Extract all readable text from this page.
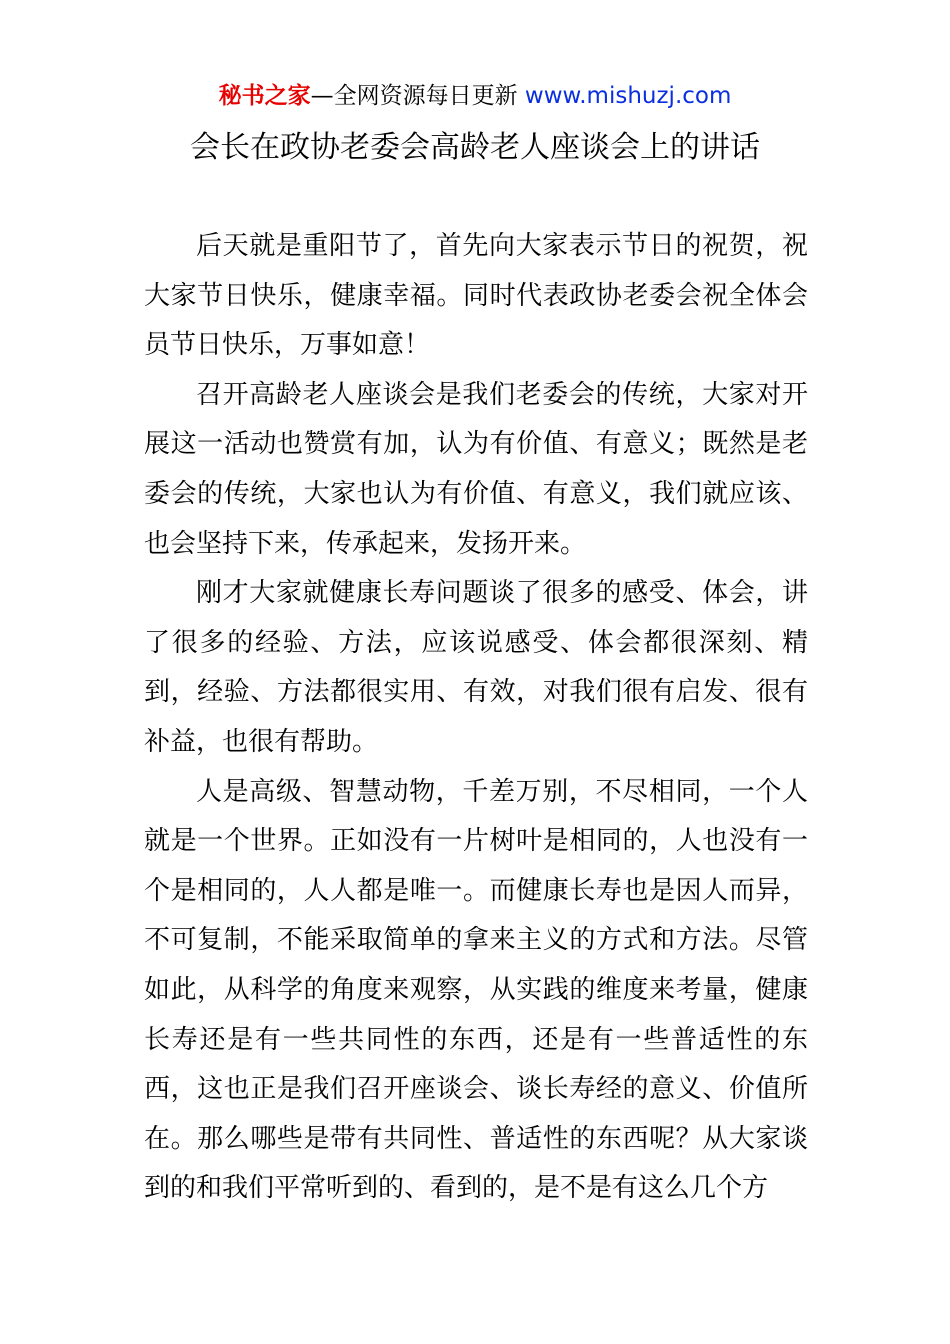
秘书之家—全网资源每日更新 www.mishuzj.com
会长在政协老委会高龄老人座谈会上的讲话

后天就是重阳节了，首先向大家表示节日的祝贺，祝大家节日快乐，健康幸福。同时代表政协老委会祝全体会员节日快乐，万事如意！

召开高龄老人座谈会是我们老委会的传统，大家对开展这一活动也赞赏有加，认为有价值、有意义；既然是老委会的传统，大家也认为有价值、有意义，我们就应该、也会坚持下来，传承起来，发扬开来。

刚才大家就健康长寿问题谈了很多的感受、体会，讲了很多的经验、方法，应该说感受、体会都很深刻、精到，经验、方法都很实用、有效，对我们很有启发、很有补益，也很有帮助。

人是高级、智慧动物，千差万别，不尽相同，一个人就是一个世界。正如没有一片树叶是相同的，人也没有一个是相同的，人人都是唯一。而健康长寿也是因人而异，不可复制，不能采取简单的拿来主义的方式和方法。尽管如此，从科学的角度来观察，从实践的维度来考量，健康长寿还是有一些共同性的东西，还是有一些普适性的东西，这也正是我们召开座谈会、谈长寿经的意义、价值所在。那么哪些是带有共同性、普适性的东西呢？从大家谈到的和我们平常听到的、看到的，是不是有这么几个方
